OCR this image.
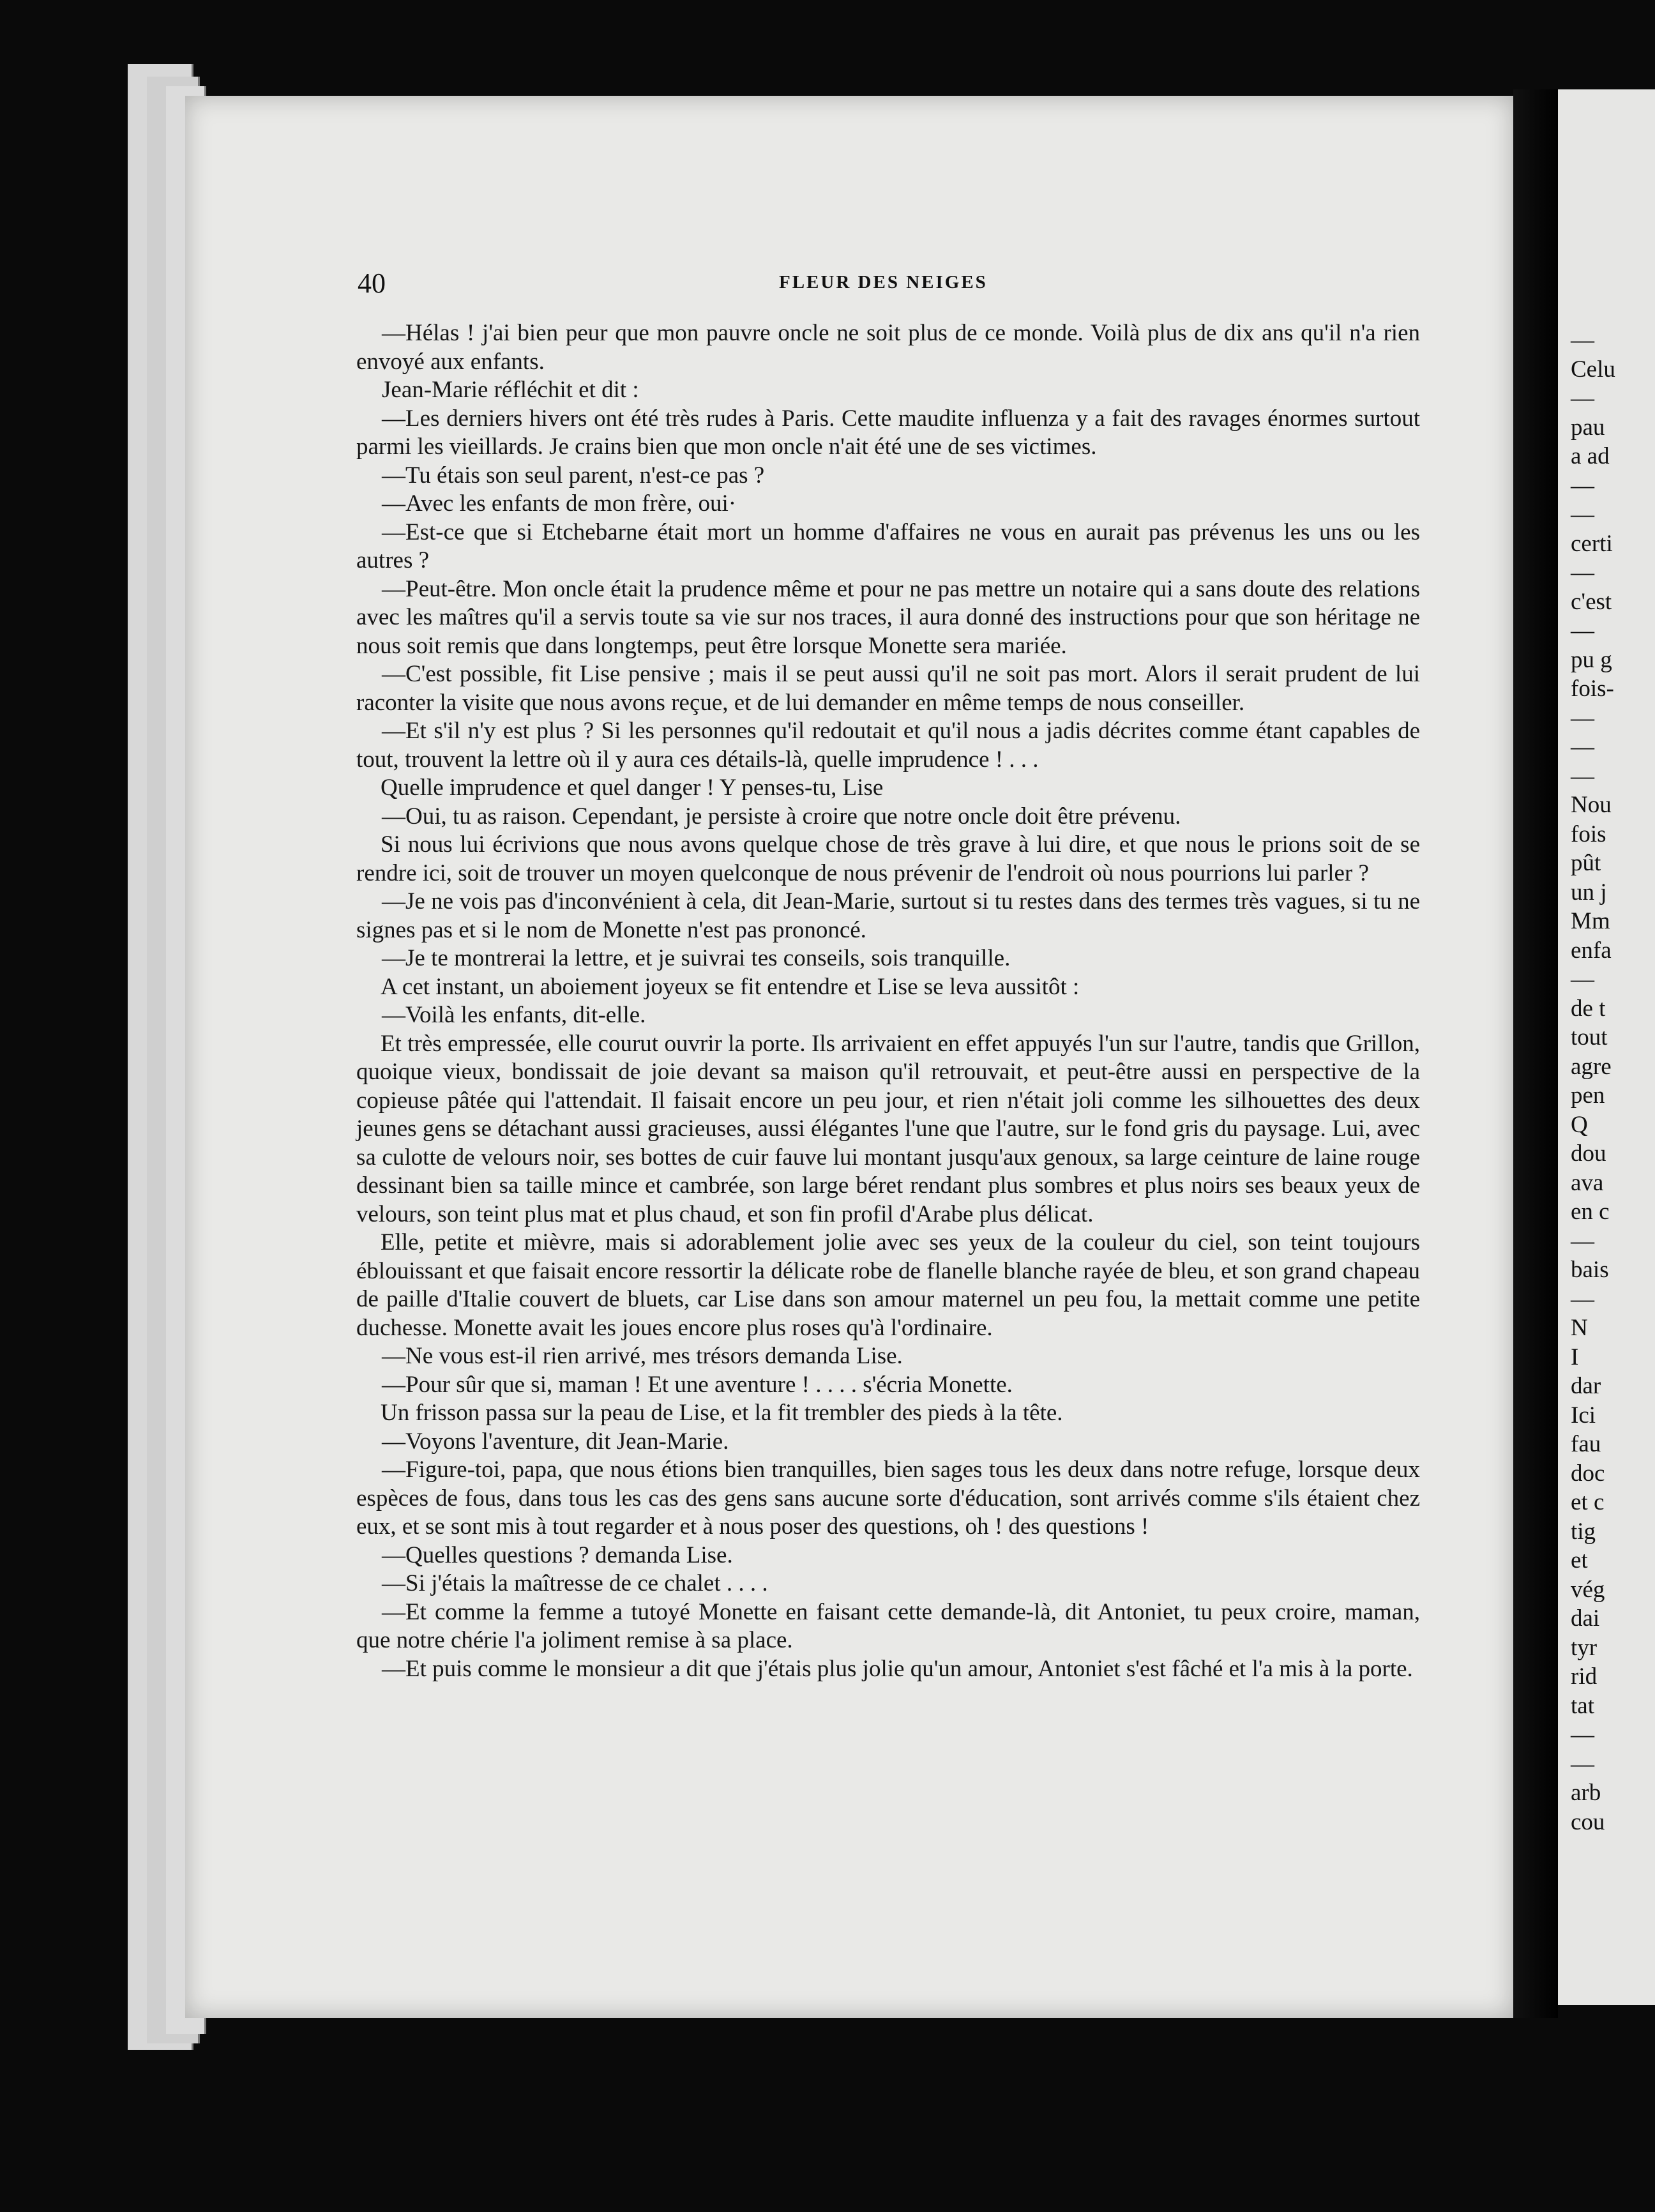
—
Celu
—
pau
a ad
—
—
certi
—
c'est
—
pu g
fois-
—
—
—
Nou
fois
pût
un j
Mm
enfa
—
de t
tout
agre
pen
Q
dou
ava
en c
—
bais
—
N
I
dar
Ici
fau
doc
et c
tig
et
vég
dai
tyr
rid
tat
—
—
arb
cou
40	FLEUR DES NEIGES

—Hélas ! j'ai bien peur que mon pauvre oncle ne soit plus de ce monde. Voilà plus de dix ans qu'il n'a rien envoyé aux enfants.

Jean-Marie réfléchit et dit :

—Les derniers hivers ont été très rudes à Paris. Cette maudite influenza y a fait des ravages énormes surtout parmi les vieillards. Je crains bien que mon oncle n'ait été une de ses victimes.

—Tu étais son seul parent, n'est-ce pas ?

—Avec les enfants de mon frère, oui·

—Est-ce que si Etchebarne était mort un homme d'affaires ne vous en aurait pas prévenus les uns ou les autres ?

—Peut-être. Mon oncle était la prudence même et pour ne pas mettre un notaire qui a sans doute des relations avec les maîtres qu'il a servis toute sa vie sur nos traces, il aura donné des instructions pour que son héritage ne nous soit remis que dans longtemps, peut être lorsque Monette sera mariée.

—C'est possible, fit Lise pensive ; mais il se peut aussi qu'il ne soit pas mort. Alors il serait prudent de lui raconter la visite que nous avons reçue, et de lui demander en même temps de nous conseiller.

—Et s'il n'y est plus ? Si les personnes qu'il redoutait et qu'il nous a jadis décrites comme étant capables de tout, trouvent la lettre où il y aura ces détails-là, quelle imprudence ! . . .

Quelle imprudence et quel danger ! Y penses-tu, Lise

—Oui, tu as raison. Cependant, je persiste à croire que notre oncle doit être prévenu.

Si nous lui écrivions que nous avons quelque chose de très grave à lui dire, et que nous le prions soit de se rendre ici, soit de trouver un moyen quelconque de nous prévenir de l'endroit où nous pourrions lui parler ?

—Je ne vois pas d'inconvénient à cela, dit Jean-Marie, surtout si tu restes dans des termes très vagues, si tu ne signes pas et si le nom de Monette n'est pas prononcé.

—Je te montrerai la lettre, et je suivrai tes conseils, sois tranquille.

A cet instant, un aboiement joyeux se fit entendre et Lise se leva aussitôt :

—Voilà les enfants, dit-elle.

Et très empressée, elle courut ouvrir la porte. Ils arrivaient en effet appuyés l'un sur l'autre, tandis que Grillon, quoique vieux, bondissait de joie devant sa maison qu'il retrouvait, et peut-être aussi en perspective de la copieuse pâtée qui l'attendait. Il faisait encore un peu jour, et rien n'était joli comme les silhouettes des deux jeunes gens se détachant aussi gracieuses, aussi élégantes l'une que l'autre, sur le fond gris du paysage. Lui, avec sa culotte de velours noir, ses bottes de cuir fauve lui montant jusqu'aux genoux, sa large ceinture de laine rouge dessinant bien sa taille mince et cambrée, son large béret rendant plus sombres et plus noirs ses beaux yeux de velours, son teint plus mat et plus chaud, et son fin profil d'Arabe plus délicat.

Elle, petite et mièvre, mais si adorablement jolie avec ses yeux de la couleur du ciel, son teint toujours éblouissant et que faisait encore ressortir la délicate robe de flanelle blanche rayée de bleu, et son grand chapeau de paille d'Italie couvert de bluets, car Lise dans son amour maternel un peu fou, la mettait comme une petite duchesse. Monette avait les joues encore plus roses qu'à l'ordinaire.

—Ne vous est-il rien arrivé, mes trésors demanda Lise.

—Pour sûr que si, maman ! Et une aventure ! . . . . s'écria Monette.

Un frisson passa sur la peau de Lise, et la fit trembler des pieds à la tête.

—Voyons l'aventure, dit Jean-Marie.

—Figure-toi, papa, que nous étions bien tranquilles, bien sages tous les deux dans notre refuge, lorsque deux espèces de fous, dans tous les cas des gens sans aucune sorte d'éducation, sont arrivés comme s'ils étaient chez eux, et se sont mis à tout regarder et à nous poser des questions, oh ! des questions !

—Quelles questions ? demanda Lise.

—Si j'étais la maîtresse de ce chalet . . . .

—Et comme la femme a tutoyé Monette en faisant cette demande-là, dit Antoniet, tu peux croire, maman, que notre chérie l'a joliment remise à sa place.

—Et puis comme le monsieur a dit que j'étais plus jolie qu'un amour, Antoniet s'est fâché et l'a mis à la porte.
